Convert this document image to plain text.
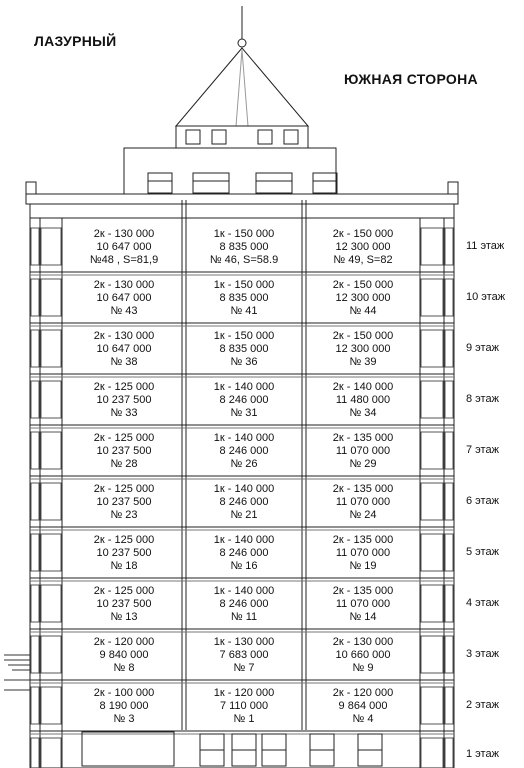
ЛАЗУРНЫЙ
ЮЖНАЯ СТОРОНА
2к - 130 000
10 647 000
№48 , S=81,9
1к - 150 000
8 835 000
№ 46, S=58.9
2к - 150 000
12 300 000
№ 49, S=82
2к - 130 000
10 647 000
№ 43
1к - 150 000
8 835 000
№ 41
2к - 150 000
12 300 000
№ 44
2к - 130 000
10 647 000
№ 38
1к - 150 000
8 835 000
№ 36
2к - 150 000
12 300 000
№ 39
2к - 125 000
10 237 500
№ 33
1к - 140 000
8 246 000
№ 31
2к - 140 000
11 480 000
№ 34
2к - 125 000
10 237 500
№ 28
1к - 140 000
8 246 000
№ 26
2к - 135 000
11 070 000
№ 29
2к - 125 000
10 237 500
№ 23
1к - 140 000
8 246 000
№ 21
2к - 135 000
11 070 000
№ 24
2к - 125 000
10 237 500
№ 18
1к - 140 000
8 246 000
№ 16
2к - 135 000
11 070 000
№ 19
2к - 125 000
10 237 500
№ 13
1к - 140 000
8 246 000
№ 11
2к - 135 000
11 070 000
№ 14
2к - 120 000
9 840 000
№ 8
1к - 130 000
7 683 000
№ 7
2к - 130 000
10 660 000
№ 9
2к - 100 000
8 190 000
№ 3
1к - 120 000
7 110 000
№ 1
2к - 120 000
9 864 000
№ 4
11 этаж
10 этаж
9 этаж
8 этаж
7 этаж
6 этаж
5 этаж
4 этаж
3 этаж
2 этаж
1 этаж
